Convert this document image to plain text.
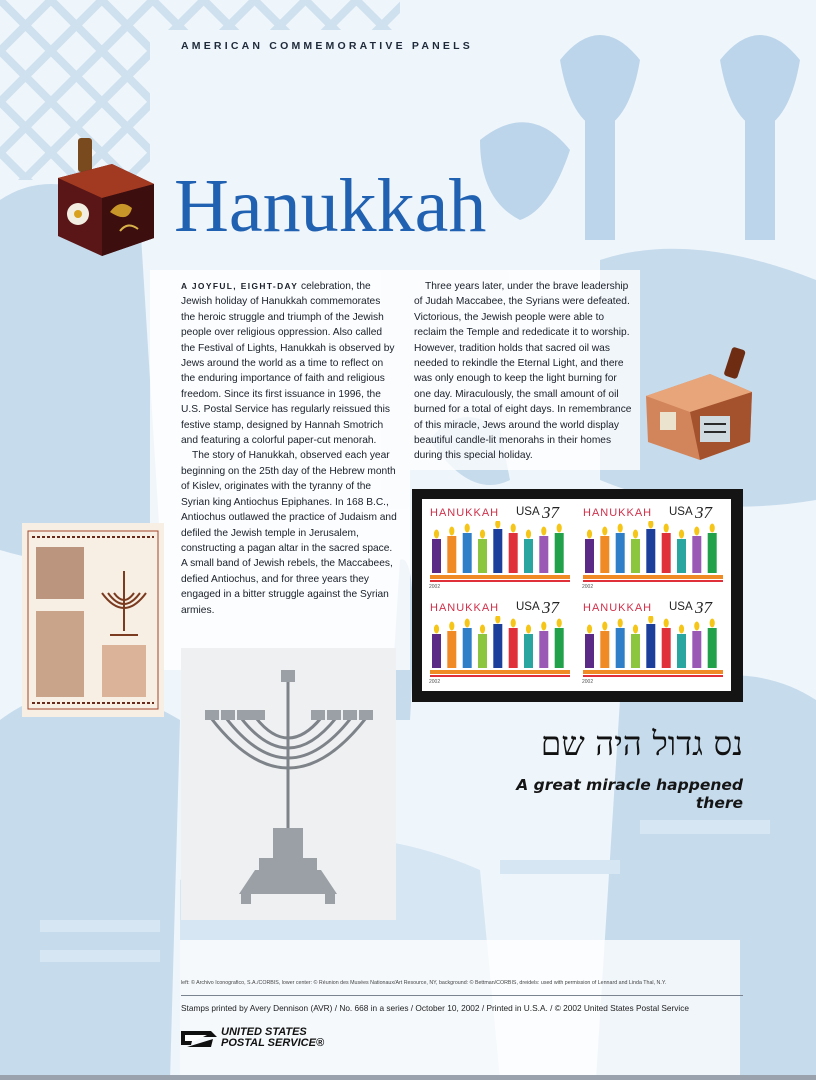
AMERICAN COMMEMORATIVE PANELS
Hanukkah

A JOYFUL, EIGHT-DAY celebration, the Jewish holiday of Hanukkah commemorates the heroic struggle and triumph of the Jewish people over religious oppression. Also called the Festival of Lights, Hanukkah is observed by Jews around the world as a time to reflect on the enduring importance of faith and religious freedom. Since its first issuance in 1996, the U.S. Postal Service has regularly reissued this festive stamp, designed by Hannah Smotrich and featuring a colorful paper-cut menorah.

The story of Hanukkah, observed each year beginning on the 25th day of the Hebrew month of Kislev, originates with the tyranny of the Syrian king Antiochus Epiphanes. In 168 B.C., Antiochus outlawed the practice of Judaism and defiled the Jewish temple in Jerusalem, constructing a pagan altar in the sacred space. A small band of Jewish rebels, the Maccabees, defied Antiochus, and for three years they engaged in a bitter struggle against the Syrian armies.

Three years later, under the brave leadership of Judah Maccabee, the Syrians were defeated. Victorious, the Jewish people were able to reclaim the Temple and rededicate it to worship. However, tradition holds that sacred oil was needed to rekindle the Eternal Light, and there was only enough to keep the light burning for one day. Miraculously, the small amount of oil burned for a total of eight days. In remembrance of this miracle, Jews around the world display beautiful candle-lit menorahs in their homes during this special holiday.

HANUKKAH USA 37
2002
HANUKKAH USA 37
2002
HANUKKAH USA 37
2002
HANUKKAH USA 37
2002
נס גדול היה שם
A great miracle happened there
left: © Archivo Iconografico, S.A./CORBIS, lower center: © Réunion des Musées Nationaux/Art Resource, NY, background: © Bettman/CORBIS, dreidels: used with permission of Lennard and Linda Thal, N.Y.
Stamps printed by Avery Dennison (AVR) / No. 668 in a series / October 10, 2002 / Printed in U.S.A. / © 2002 United States Postal Service
UNITED STATES
POSTAL SERVICE®
